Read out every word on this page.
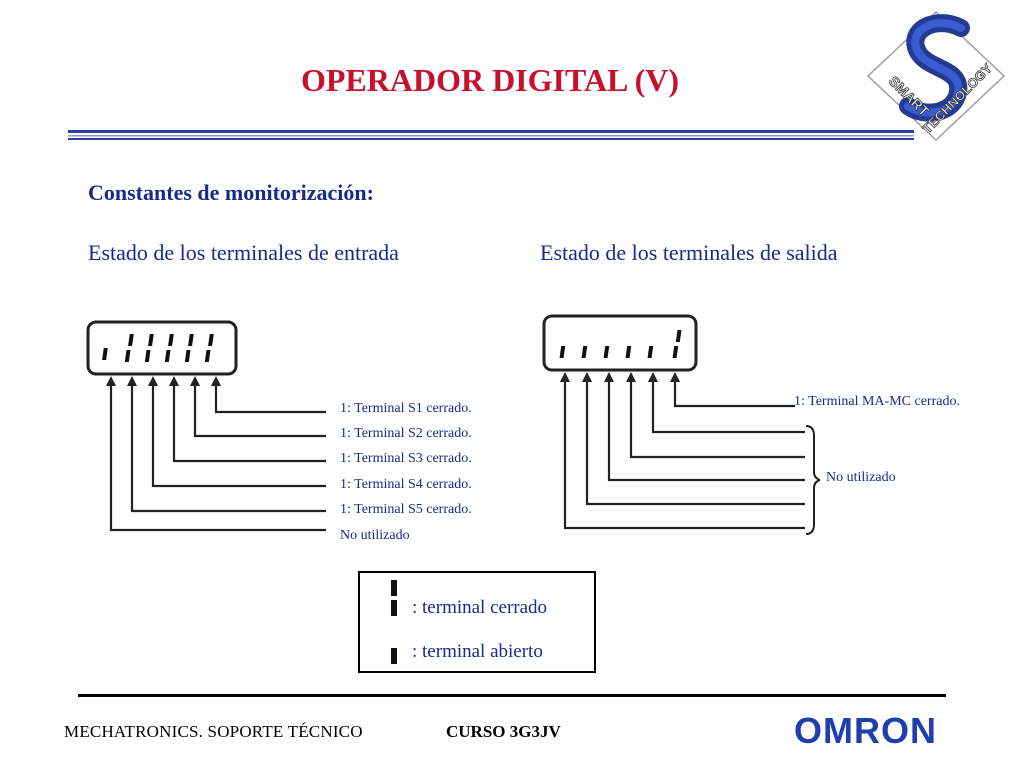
OPERADOR DIGITAL (V)	SMART
TECHNOLOGY
Constantes de monitorización:
Estado de los terminales de entrada	Estado de los terminales de salida
1: Terminal S1 cerrado.
1: Terminal S2 cerrado.
1: Terminal S3 cerrado.
1: Terminal S4 cerrado.
1: Terminal S5 cerrado.
No utilizado
1: Terminal MA-MC cerrado.
No utilizado
: terminal cerrado
: terminal abierto
MECHATRONICS. SOPORTE TÉCNICO	CURSO 3G3JV	OMRON
